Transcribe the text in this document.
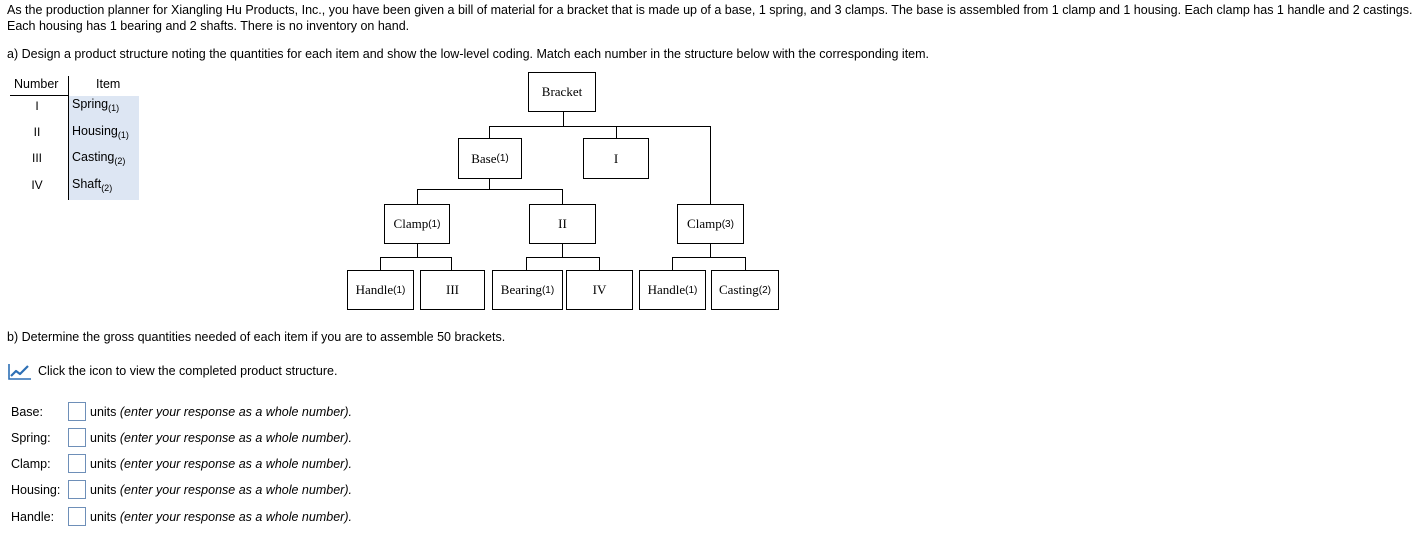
As the production planner for Xiangling Hu Products, Inc., you have been given a bill of material for a bracket that is made up of a base, 1 spring, and 3 clamps. The base is assembled from 1 clamp and 1 housing. Each clamp has 1 handle and 2 castings. Each housing has 1 bearing and 2 shafts. There is no inventory on hand.
a) Design a product structure noting the quantities for each item and show the low-level coding. Match each number in the structure below with the corresponding item.
Number	Item
I	Spring$_{(1)}$
II	Housing$_{(1)}$
III	Casting$_{(2)}$
IV	Shaft$_{(2)}$
Bracket
Base (1)	I
Clamp (1)	II	Clamp (3)
Handle (1)	III	Bearing (1)	IV	Handle (1) Casting (2)
b) Determine the gross quantities needed of each item if you are to assemble 50 brackets.
Click the icon to view the completed product structure.
Base:	units (enter your response as a whole number).
Spring:	units (enter your response as a whole number).
Clamp:	units (enter your response as a whole number).
Housing: units (enter your response as a whole number).
Handle:	units (enter your response as a whole number).
